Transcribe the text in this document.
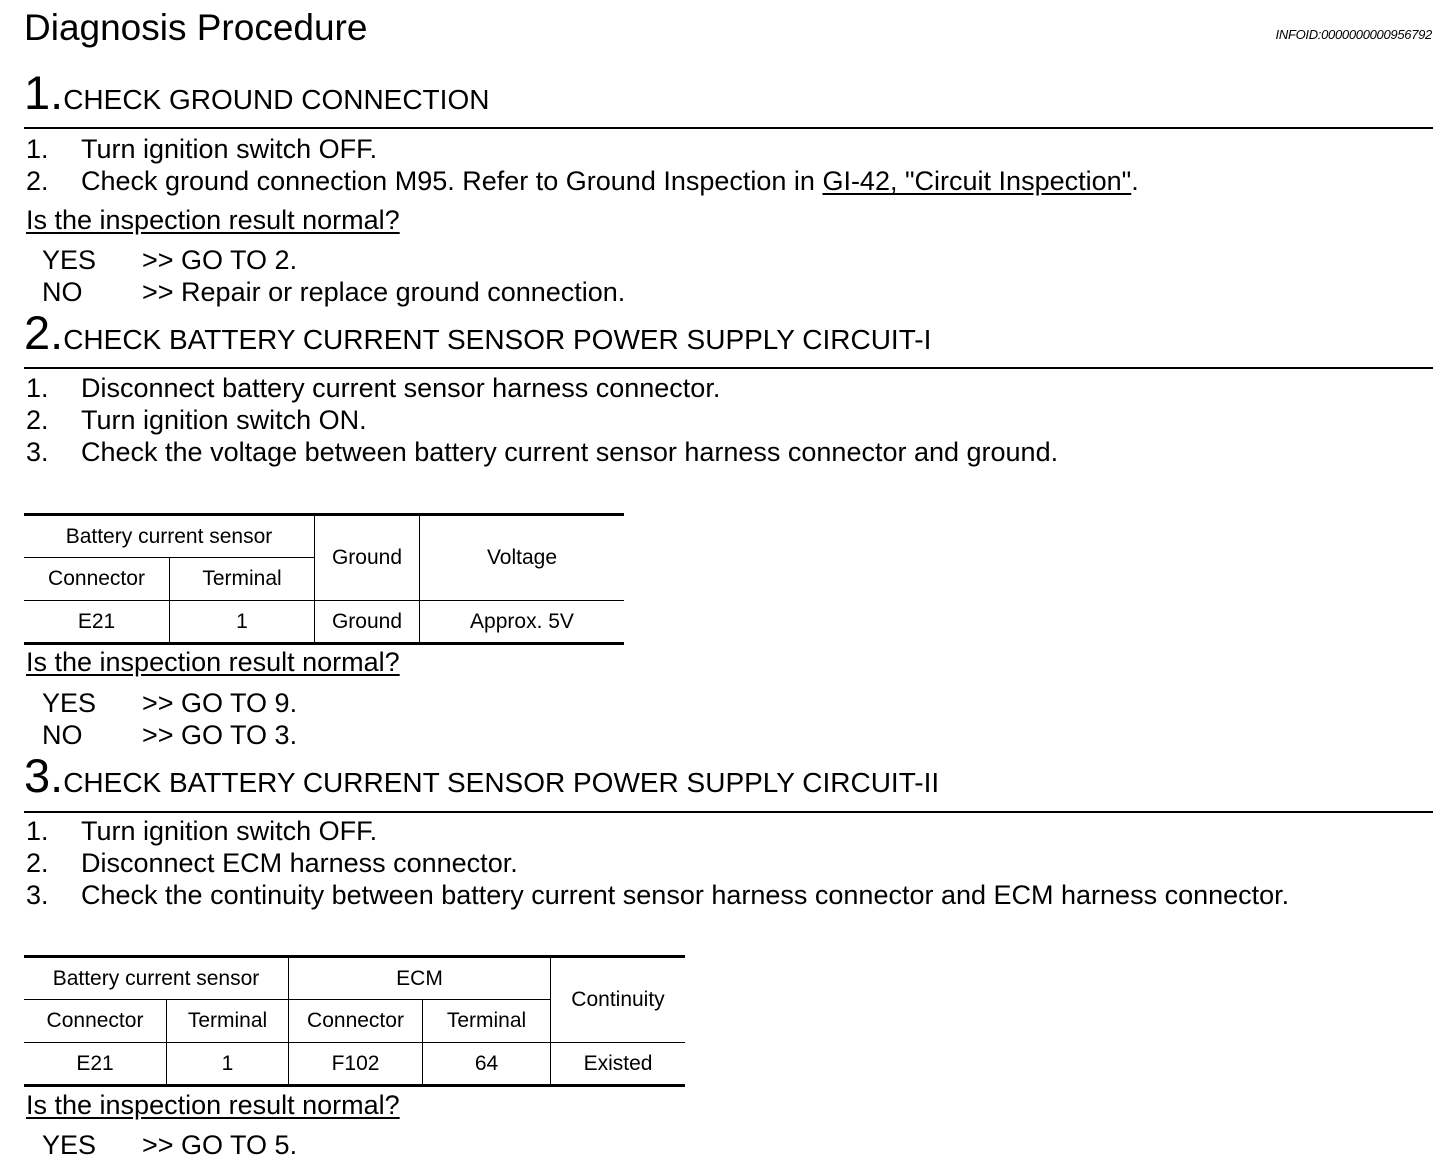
Diagnosis Procedure	INFOID:0000000000956792
1.CHECK GROUND CONNECTION
1. Turn ignition switch OFF.
2. Check ground connection M95. Refer to Ground Inspection in GI-42, "Circuit Inspection".
Is the inspection result normal?
YES >> GO TO 2.
NO >> Repair or replace ground connection.
2.CHECK BATTERY CURRENT SENSOR POWER SUPPLY CIRCUIT-I
1. Disconnect battery current sensor harness connector.
2. Turn ignition switch ON.
3. Check the voltage between battery current sensor harness connector and ground.
Battery current sensor		Ground	Voltage
Connector	Terminal		
E21	1	Ground	Approx. 5V
Is the inspection result normal?
YES >> GO TO 9.
NO >> GO TO 3.
3.CHECK BATTERY CURRENT SENSOR POWER SUPPLY CIRCUIT-II
1. Turn ignition switch OFF.
2. Disconnect ECM harness connector.
3. Check the continuity between battery current sensor harness connector and ECM harness connector.
Battery current sensor		ECM		Continuity
Connector	Terminal	Connector	Terminal	
E21	1	F102	64	Existed
Is the inspection result normal?
YES >> GO TO 5.
